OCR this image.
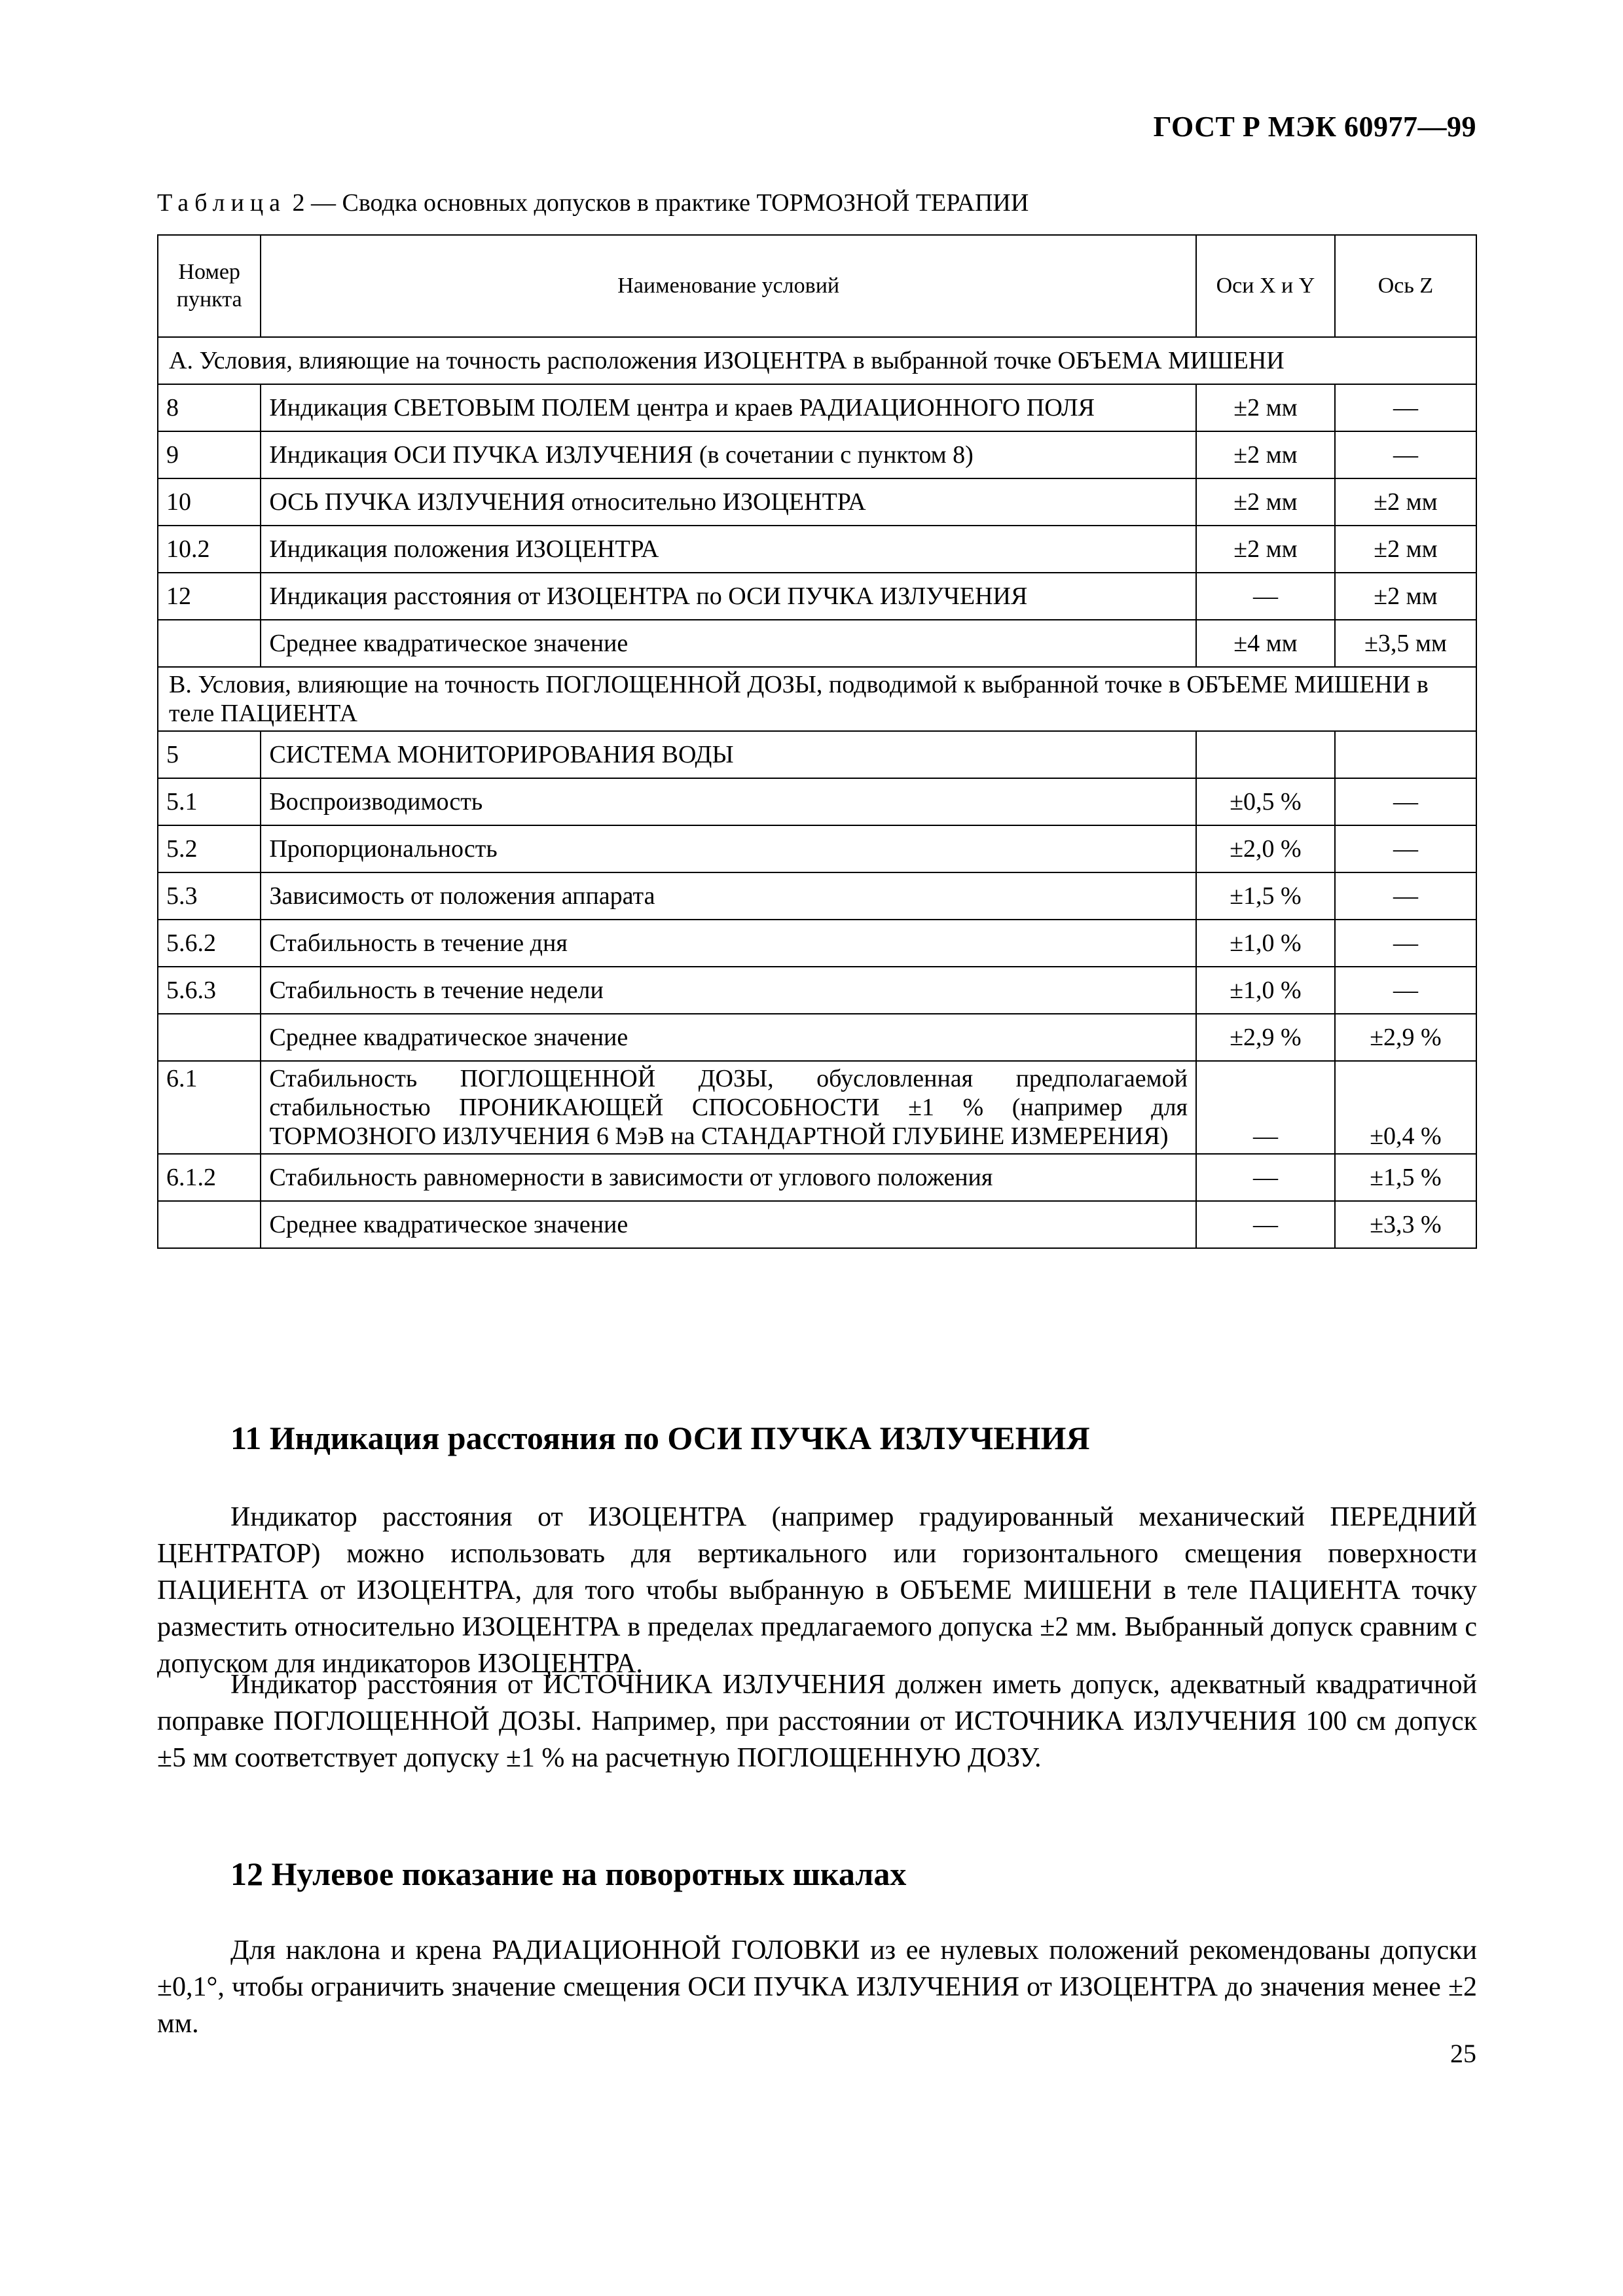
ГОСТ Р МЭК 60977—99
Таблица 2 — Сводка основных допусков в практике ТОРМОЗНОЙ ТЕРАПИИ
Номер пункта	Наименование условий	Оси X и Y	Ось Z
А. Условия, влияющие на точность расположения ИЗОЦЕНТРА в выбранной точке ОБЪЕМА МИШЕНИ			
8	Индикация СВЕТОВЫМ ПОЛЕМ центра и краев РАДИАЦИОННОГО ПОЛЯ	±2 мм	—
9	Индикация ОСИ ПУЧКА ИЗЛУЧЕНИЯ (в сочетании с пунктом 8)	±2 мм	—
10	ОСЬ ПУЧКА ИЗЛУЧЕНИЯ относительно ИЗОЦЕНТРА	±2 мм	±2 мм
10.2	Индикация положения ИЗОЦЕНТРА	±2 мм	±2 мм
12	Индикация расстояния от ИЗОЦЕНТРА по ОСИ ПУЧКА ИЗЛУЧЕНИЯ	—	±2 мм
	Среднее квадратическое значение	±4 мм	±3,5 мм
В. Условия, влияющие на точность ПОГЛОЩЕННОЙ ДОЗЫ, подводимой к выбранной точке в ОБЪЕМЕ МИШЕНИ в теле ПАЦИЕНТА			
5	СИСТЕМА МОНИТОРИРОВАНИЯ ВОДЫ		
5.1	Воспроизводимость	±0,5 %	—
5.2	Пропорциональность	±2,0 %	—
5.3	Зависимость от положения аппарата	±1,5 %	—
5.6.2	Стабильность в течение дня	±1,0 %	—
5.6.3	Стабильность в течение недели	±1,0 %	—
	Среднее квадратическое значение	±2,9 %	±2,9 %
6.1	Стабильность ПОГЛОЩЕННОЙ ДОЗЫ, обусловленная предполагаемой стабильностью ПРОНИКАЮЩЕЙ СПОСОБНОСТИ ±1 % (например для ТОРМОЗНОГО ИЗЛУЧЕНИЯ 6 МэВ на СТАНДАРТНОЙ ГЛУБИНЕ ИЗМЕРЕНИЯ)	—	±0,4 %
6.1.2	Стабильность равномерности в зависимости от углового положения	—	±1,5 %
	Среднее квадратическое значение	—	±3,3 %
11 Индикация расстояния по ОСИ ПУЧКА ИЗЛУЧЕНИЯ

Индикатор расстояния от ИЗОЦЕНТРА (например градуированный механический ПЕРЕДНИЙ ЦЕНТРАТОР) можно использовать для вертикального или горизонтального смещения поверхности ПАЦИЕНТА от ИЗОЦЕНТРА, для того чтобы выбранную в ОБЪЕМЕ МИШЕНИ в теле ПАЦИЕНТА точку разместить относительно ИЗОЦЕНТРА в пределах предлагаемого допуска ±2 мм. Выбранный допуск сравним с допуском для индикаторов ИЗОЦЕНТРА.

Индикатор расстояния от ИСТОЧНИКА ИЗЛУЧЕНИЯ должен иметь допуск, адекватный квадратичной поправке ПОГЛОЩЕННОЙ ДОЗЫ. Например, при расстоянии от ИСТОЧНИКА ИЗЛУЧЕНИЯ 100 см допуск ±5 мм соответствует допуску ±1 % на расчетную ПОГЛОЩЕННУЮ ДОЗУ.

12 Нулевое показание на поворотных шкалах

Для наклона и крена РАДИАЦИОННОЙ ГОЛОВКИ из ее нулевых положений рекомендованы допуски ±0,1°, чтобы ограничить значение смещения ОСИ ПУЧКА ИЗЛУЧЕНИЯ от ИЗОЦЕНТРА до значения менее ±2 мм.

25
